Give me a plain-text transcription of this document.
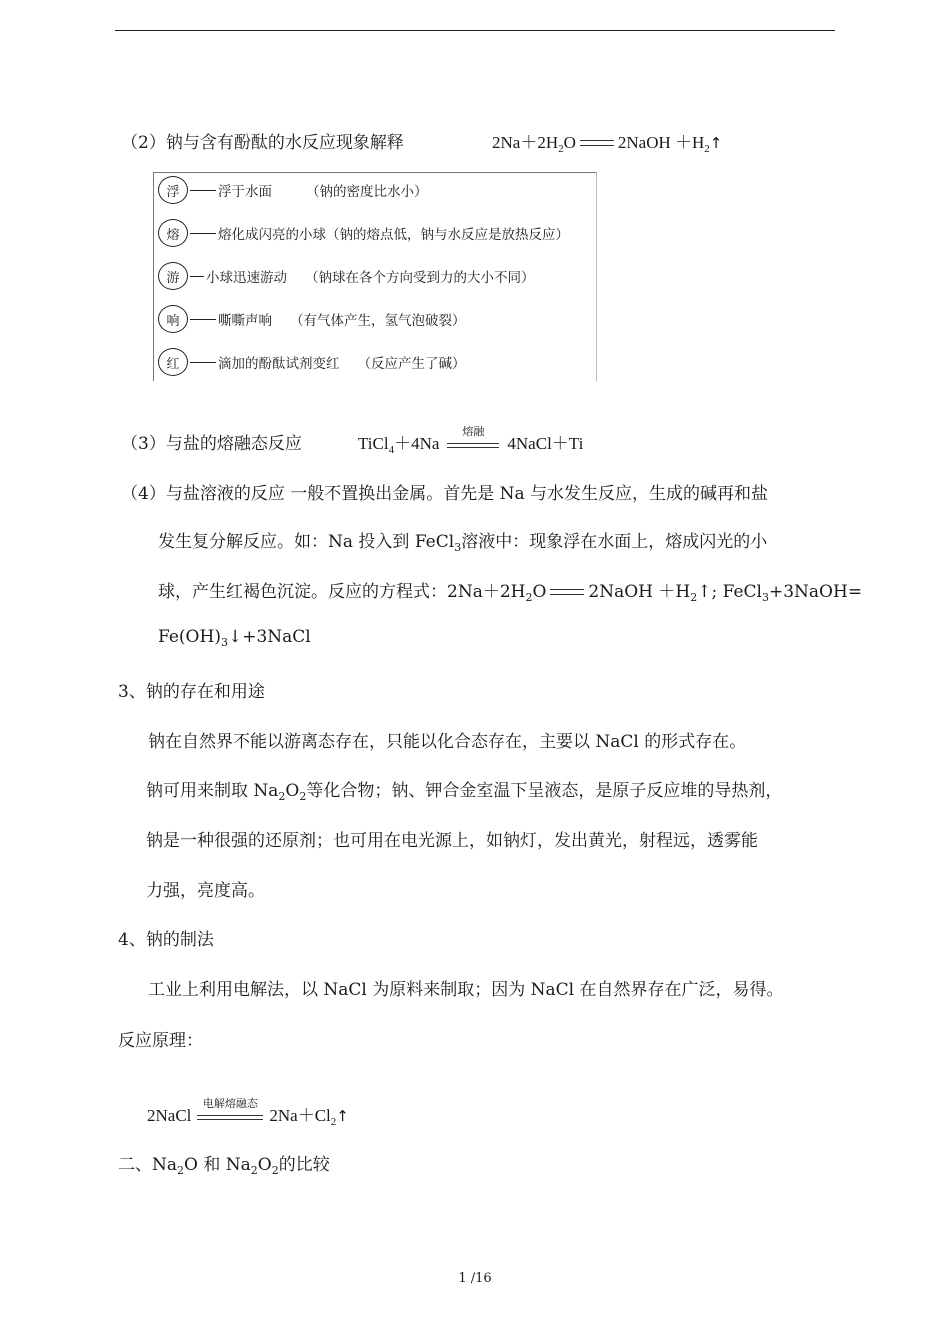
（2）钠与含有酚酞的水反应现象解释	$2Na+2H_2O$ 2NaOH $+H_2↑$
浮	浮于水面	（钠的密度比水小）
熔	熔化成闪亮的小球（钠的熔点低，钠与水反应是放热反应）
游	小球迅速游动 （钠球在各个方向受到力的大小不同）
响	嘶嘶声响 （有气体产生，氢气泡破裂）
红	滴加的酚酞试剂变红 （反应产生了碱）
（3）与盐的熔融态反应	TiCl$_4$＋4Na
熔融
4NaCl＋Ti
（4）与盐溶液的反应 一般不置换出金属。首先是 Na 与水发生反应，生成的碱再和盐
发生复分解反应。如：Na 投入到 FeCl$_3$溶液中：现象浮在水面上，熔成闪光的小
球，产生红褐色沉淀。反应的方程式：$2Na+2H_2O$ 2NaOH $+H_2↑$; FeCl$_3$+3NaOH=
$Fe(OH)_3↓+3NaCl$
3、钠的存在和用途
钠在自然界不能以游离态存在，只能以化合态存在，主要以 NaCl 的形式存在。
钠可用来制取 $Na_2O_2$等化合物；钠、钾合金室温下呈液态，是原子反应堆的导热剂，
钠是一种很强的还原剂；也可用在电光源上，如钠灯，发出黄光，射程远，透雾能
力强，亮度高。
4、钠的制法
工业上利用电解法，以 NaCl 为原料来制取；因为 NaCl 在自然界存在广泛，易得。
反应原理：
2NaCl
电解熔融态
$2Na+Cl_2↑$
二、$Na_2O$ 和 $Na_2O_2$的比较
1 /16
